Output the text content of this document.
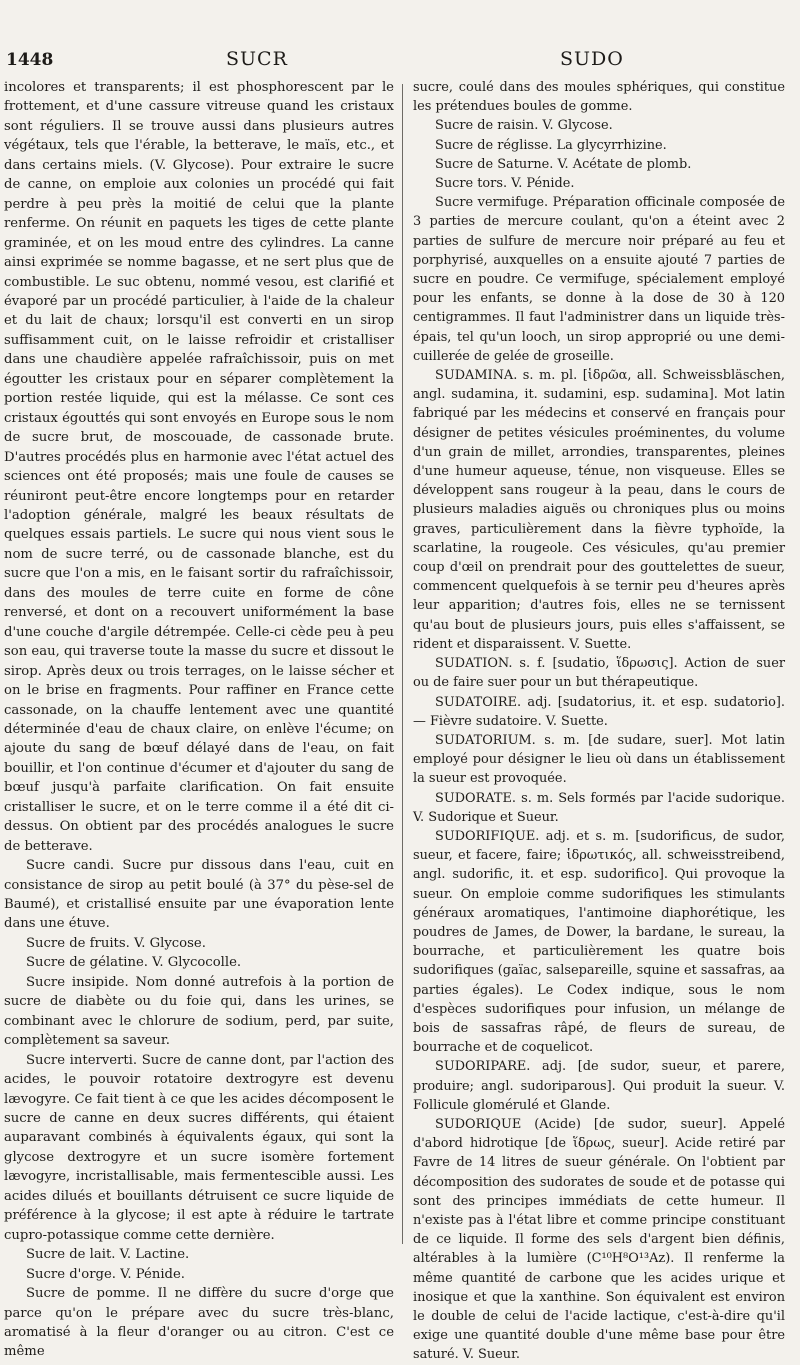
1448	SUCR	SUDO

incolores et transparents; il est phosphorescent par le frottement, et d'une cassure vitreuse quand les cristaux sont réguliers. Il se trouve aussi dans plusieurs autres végétaux, tels que l'érable, la betterave, le maïs, etc., et dans certains miels. (V. Glycose). Pour extraire le sucre de canne, on emploie aux colonies un procédé qui fait perdre à peu près la moitié de celui que la plante renferme. On réunit en paquets les tiges de cette plante graminée, et on les moud entre des cylindres. La canne ainsi exprimée se nomme bagasse, et ne sert plus que de combustible. Le suc obtenu, nommé vesou, est clarifié et évaporé par un procédé particulier, à l'aide de la chaleur et du lait de chaux; lorsqu'il est converti en un sirop suffisamment cuit, on le laisse refroidir et cristalliser dans une chaudière appelée rafraîchissoir, puis on met égoutter les cristaux pour en séparer complètement la portion restée liquide, qui est la mélasse. Ce sont ces cristaux égouttés qui sont envoyés en Europe sous le nom de sucre brut, de moscouade, de cassonade brute. D'autres procédés plus en harmonie avec l'état actuel des sciences ont été proposés; mais une foule de causes se réuniront peut-être encore longtemps pour en retarder l'adoption générale, malgré les beaux résultats de quelques essais partiels. Le sucre qui nous vient sous le nom de sucre terré, ou de cassonade blanche, est du sucre que l'on a mis, en le faisant sortir du rafraîchissoir, dans des moules de terre cuite en forme de cône renversé, et dont on a recouvert uniformément la base d'une couche d'argile détrempée. Celle-ci cède peu à peu son eau, qui traverse toute la masse du sucre et dissout le sirop. Après deux ou trois terrages, on le laisse sécher et on le brise en fragments. Pour raffiner en France cette cassonade, on la chauffe lentement avec une quantité déterminée d'eau de chaux claire, on enlève l'écume; on ajoute du sang de bœuf délayé dans de l'eau, on fait bouillir, et l'on continue d'écumer et d'ajouter du sang de bœuf jusqu'à parfaite clarification. On fait ensuite cristalliser le sucre, et on le terre comme il a été dit ci-dessus. On obtient par des procédés analogues le sucre de betterave.

Sucre candi. Sucre pur dissous dans l'eau, cuit en consistance de sirop au petit boulé (à 37° du pèse-sel de Baumé), et cristallisé ensuite par une évaporation lente dans une étuve.

Sucre de fruits. V. Glycose.

Sucre de gélatine. V. Glycocolle.

Sucre insipide. Nom donné autrefois à la portion de sucre de diabète ou du foie qui, dans les urines, se combinant avec le chlorure de sodium, perd, par suite, complètement sa saveur.

Sucre interverti. Sucre de canne dont, par l'action des acides, le pouvoir rotatoire dextrogyre est devenu lævogyre. Ce fait tient à ce que les acides décomposent le sucre de canne en deux sucres différents, qui étaient auparavant combinés à équivalents égaux, qui sont la glycose dextrogyre et un sucre isomère fortement lævogyre, incristallisable, mais fermentescible aussi. Les acides dilués et bouillants détruisent ce sucre liquide de préférence à la glycose; il est apte à réduire le tartrate cupro-potassique comme cette dernière.

Sucre de lait. V. Lactine.

Sucre d'orge. V. Pénide.

Sucre de pomme. Il ne diffère du sucre d'orge que parce qu'on le prépare avec du sucre très-blanc, aromatisé à la fleur d'oranger ou au citron. C'est ce même

sucre, coulé dans des moules sphériques, qui constitue les prétendues boules de gomme.

Sucre de raisin. V. Glycose.

Sucre de réglisse. La glycyrrhizine.

Sucre de Saturne. V. Acétate de plomb.

Sucre tors. V. Pénide.

Sucre vermifuge. Préparation officinale composée de 3 parties de mercure coulant, qu'on a éteint avec 2 parties de sulfure de mercure noir préparé au feu et porphyrisé, auxquelles on a ensuite ajouté 7 parties de sucre en poudre. Ce vermifuge, spécialement employé pour les enfants, se donne à la dose de 30 à 120 centigrammes. Il faut l'administrer dans un liquide très-épais, tel qu'un looch, un sirop approprié ou une demi-cuillerée de gelée de groseille.

SUDAMINA. s. m. pl. [ἱδρῶα, all. Schweissbläschen, angl. sudamina, it. sudamini, esp. sudamina]. Mot latin fabriqué par les médecins et conservé en français pour désigner de petites vésicules proéminentes, du volume d'un grain de millet, arrondies, transparentes, pleines d'une humeur aqueuse, ténue, non visqueuse. Elles se développent sans rougeur à la peau, dans le cours de plusieurs maladies aiguës ou chroniques plus ou moins graves, particulièrement dans la fièvre typhoïde, la scarlatine, la rougeole. Ces vésicules, qu'au premier coup d'œil on prendrait pour des gouttelettes de sueur, commencent quelquefois à se ternir peu d'heures après leur apparition; d'autres fois, elles ne se ternissent qu'au bout de plusieurs jours, puis elles s'affaissent, se rident et disparaissent. V. Suette.

SUDATION. s. f. [sudatio, ἵδρωσις]. Action de suer ou de faire suer pour un but thérapeutique.

SUDATOIRE. adj. [sudatorius, it. et esp. sudatorio]. — Fièvre sudatoire. V. Suette.

SUDATORIUM. s. m. [de sudare, suer]. Mot latin employé pour désigner le lieu où dans un établissement la sueur est provoquée.

SUDORATE. s. m. Sels formés par l'acide sudorique. V. Sudorique et Sueur.

SUDORIFIQUE. adj. et s. m. [sudorificus, de sudor, sueur, et facere, faire; ἱδρωτικός, all. schweisstreibend, angl. sudorific, it. et esp. sudorifico]. Qui provoque la sueur. On emploie comme sudorifiques les stimulants généraux aromatiques, l'antimoine diaphorétique, les poudres de James, de Dower, la bardane, le sureau, la bourrache, et particulièrement les quatre bois sudorifiques (gaïac, salsepareille, squine et sassafras, aa parties égales). Le Codex indique, sous le nom d'espèces sudorifiques pour infusion, un mélange de bois de sassafras râpé, de fleurs de sureau, de bourrache et de coquelicot.

SUDORIPARE. adj. [de sudor, sueur, et parere, produire; angl. sudoriparous]. Qui produit la sueur. V. Follicule glomérulé et Glande.

SUDORIQUE (Acide) [de sudor, sueur]. Appelé d'abord hidrotique [de ἵδρως, sueur]. Acide retiré par Favre de 14 litres de sueur générale. On l'obtient par décomposition des sudorates de soude et de potasse qui sont des principes immédiats de cette humeur. Il n'existe pas à l'état libre et comme principe constituant de ce liquide. Il forme des sels d'argent bien définis, altérables à la lumière (C¹⁰H⁸O¹³Az). Il renferme la même quantité de carbone que les acides urique et inosique et que la xanthine. Son équivalent est environ le double de celui de l'acide lactique, c'est-à-dire qu'il exige une quantité double d'une même base pour être saturé. V. Sueur.
